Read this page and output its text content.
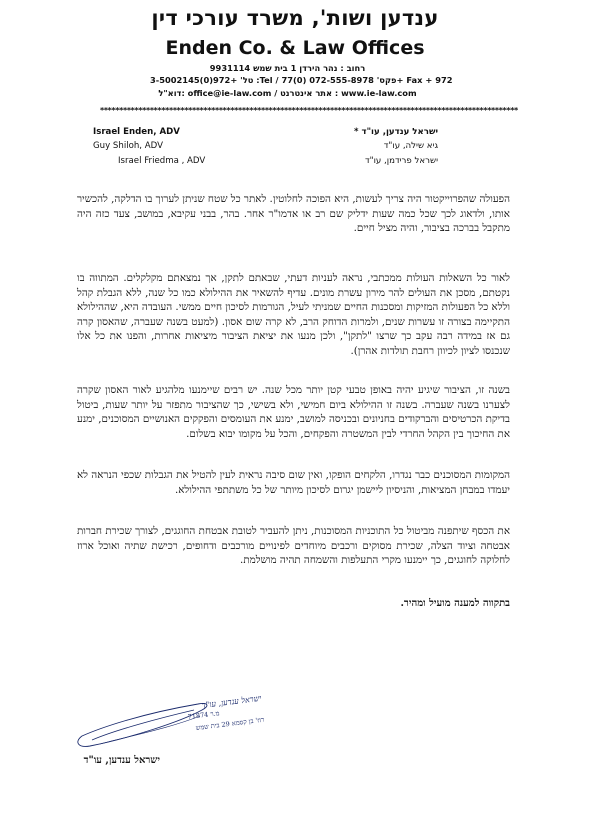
ענדען ושות', משרד עורכי דין
Enden Co. & Law Offices
רחוב : נהר הירדן 1 בית שמש 9931114
טל' +972(0)3-5002145 :Tel / פקס' 072-555-8978 (0)77+ Fax + 972
דוא"ל: office@ie-law.com / אתר אינטרנט : www.ie-law.com
*************************************************************************************************************
ישראל ענדען, עו"ד *
גיא שילה, עו"ד
ישראל פרידמן, עו"ד
Israel Enden, ADV
Guy Shiloh, ADV
Israel Friedma , ADV
הפעולה שהפרוייקטור היה צריך לעשות, היא הפוכה לחלוטין. לאתר כל שטח שניתן לערוך בו הדלקה, להכשיר אותו, ולדאוג לכך שכל כמה שעות ידליק שם רב או אדמו"ר אחר. בהר, בבני עקיבא, במושב, צעד כזה היה מתקבל בברכה בציבור, והיה מציל חיים.
לאור כל השאלות העולות ממכתבי, נראה לעניות דעתי, שבאתם לתקן, אך נמצאתם מקלקלים. המתווה בו נקטתם, מסכן את העולים להר מירון עשרת מונים. עדיף להשאיר את ההילולא כמו כל שנה, ללא הגבלת קהל וללא כל הפעולות המזיקות ומסכנות החיים שמניתי לעיל, הגורמות לסיכון חיים ממשי. העובדה היא, שההילולא התקיימה בצורה זו עשרות שנים, ולמרות הדוחק הרב, לא קרה שום אסון. (למעט בשנה שעברה, שהאסון קרה גם אז במידה רבה עקב כך שרצו "לתקן", ולכן מנעו את יציאת הציבור מיציאות אחרות, והפנו את כל אלו שנכנסו לציון לכיוון רחבת תולדות אהרן).
בשנה זו, הציבור שיגיע יהיה באופן טבעי קטן יותר מכל שנה. יש רבים שיימנעו מלהגיע לאור האסון שקרה לצערנו בשנה שעברה. בשנה זו ההילולא ביום חמישי, ולא בשישי, כך שהציבור מתפזר על יותר שעות, ביטול בדיקת הכרטיסים והברקודים בחניונים ובכניסה למושב, ימנע את העומסים והפקקים האנושיים המסוכנים, ימנע את החיכוך בין הקהל החרדי לבין המשטרה והפקחים, והכל על מקומו יבוא בשלום.
המקומות המסוכנים כבר נגדרו, הלקחים הופקו, ואין שום סיבה נראית לעין להטיל את הגבלות שכפי הנראה לא יעמדו במבחן המציאות, והניסיון ליישמן יגרום לסיכון מיותר של כל משתתפי ההילולא.
את הכסף שיתפנה מביטול כל התוכניות המסוכנות, ניתן להעביר לטובת אבטחת החוגגים, לצורך שכירת חברות אבטחה וציוד הצלה, שכירת מסוקים ורכבים מיוחדים לפינויים מורכבים ודחופים, רכישת שתיה ואוכל ארוז לחלוקה לחוגגים, כך יימנעו מקרי התעלפות והשמחה תהיה מושלמת.
בתקווה למענה מועיל ומהיר.
ישראל ענדען, עו"ד
מ.ר 71874
רח' בן קסמא 29 בית שמש
ישראל ענדען, עו"ד
